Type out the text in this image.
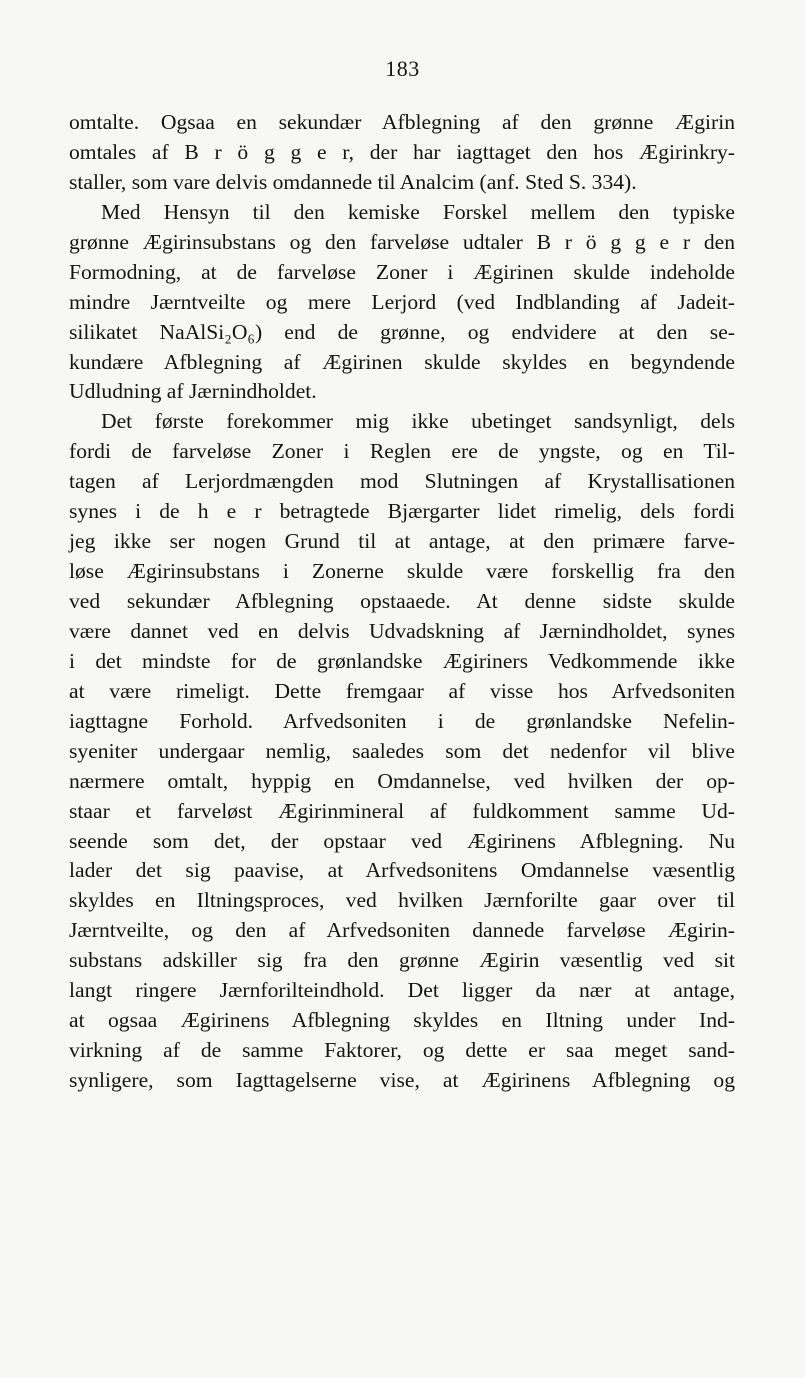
183
omtalte. Ogsaa en sekundær Afblegning af den grønne Ægirin
omtales af B r ö g g e r, der har iagttaget den hos Ægirinkry-
staller, som vare delvis omdannede til Analcim (anf. Sted S. 334).
Med Hensyn til den kemiske Forskel mellem den typiske
grønne Ægirinsubstans og den farveløse udtaler B r ö g g e r den
Formodning, at de farveløse Zoner i Ægirinen skulde indeholde
mindre Jærntveilte og mere Lerjord (ved Indblanding af Jadeit-
silikatet NaAlSi₂O₆) end de grønne, og endvidere at den se-
kundære Afblegning af Ægirinen skulde skyldes en begyndende
Udludning af Jærnindholdet.
Det første forekommer mig ikke ubetinget sandsynligt, dels
fordi de farveløse Zoner i Reglen ere de yngste, og en Til-
tagen af Lerjordmængden mod Slutningen af Krystallisationen
synes i de h e r betragtede Bjærgarter lidet rimelig, dels fordi
jeg ikke ser nogen Grund til at antage, at den primære farve-
løse Ægirinsubstans i Zonerne skulde være forskellig fra den
ved sekundær Afblegning opstaaede. At denne sidste skulde
være dannet ved en delvis Udvadskning af Jærnindholdet, synes
i det mindste for de grønlandske Ægiriners Vedkommende ikke
at være rimeligt. Dette fremgaar af visse hos Arfvedsoniten
iagttagne Forhold. Arfvedsoniten i de grønlandske Nefelin-
syeniter undergaar nemlig, saaledes som det nedenfor vil blive
nærmere omtalt, hyppig en Omdannelse, ved hvilken der op-
staar et farveløst Ægirinmineral af fuldkomment samme Ud-
seende som det, der opstaar ved Ægirinens Afblegning. Nu
lader det sig paavise, at Arfvedsonitens Omdannelse væsentlig
skyldes en Iltningsproces, ved hvilken Jærnforilte gaar over til
Jærntveilte, og den af Arfvedsoniten dannede farveløse Ægirin-
substans adskiller sig fra den grønne Ægirin væsentlig ved sit
langt ringere Jærnforilteindhold. Det ligger da nær at antage,
at ogsaa Ægirinens Afblegning skyldes en Iltning under Ind-
virkning af de samme Faktorer, og dette er saa meget sand-
synligere, som Iagttagelserne vise, at Ægirinens Afblegning og
